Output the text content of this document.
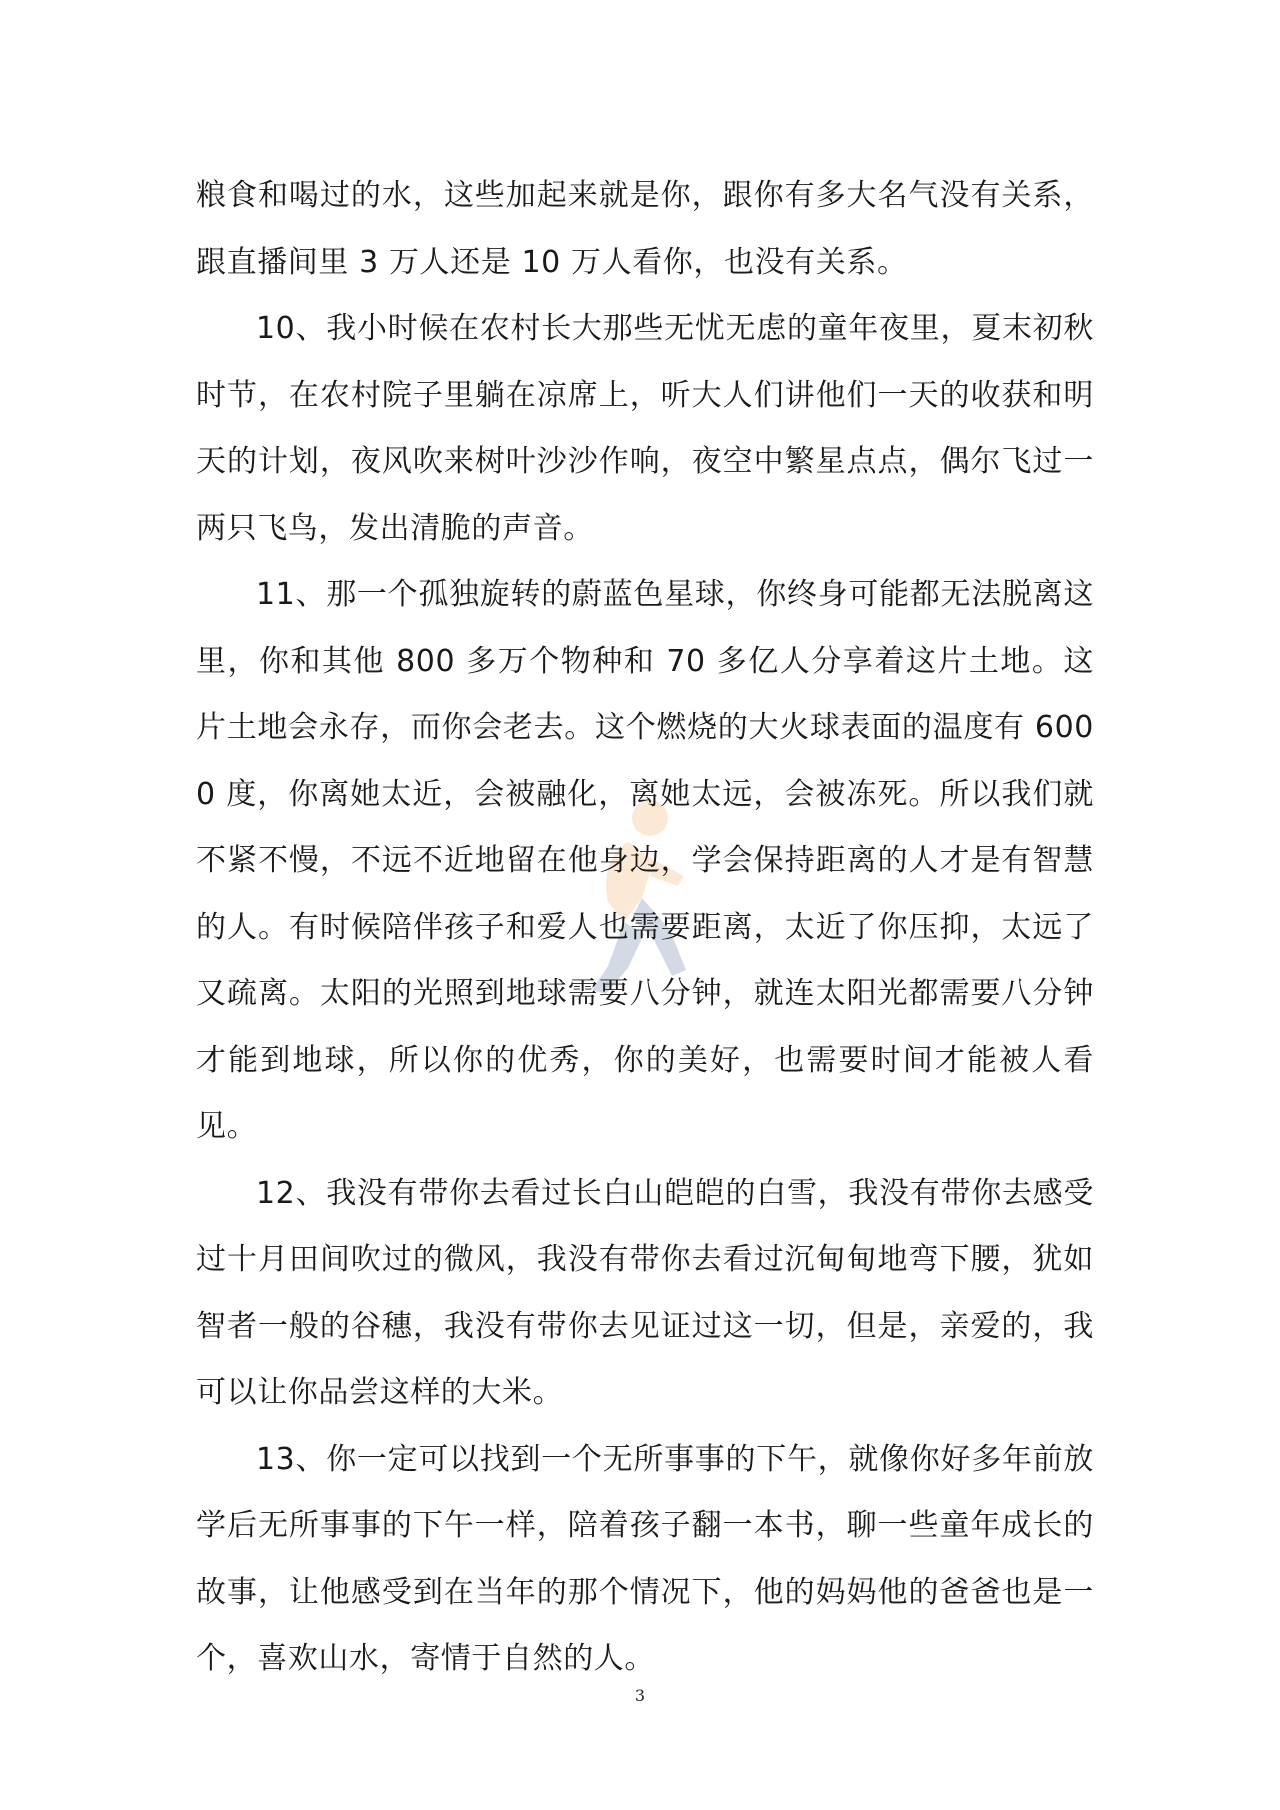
粮食和喝过的水，这些加起来就是你，跟你有多大名气没有关系，跟直播间里 3 万人还是 10 万人看你，也没有关系。

10、我小时候在农村长大那些无忧无虑的童年夜里，夏末初秋时节，在农村院子里躺在凉席上，听大人们讲他们一天的收获和明天的计划，夜风吹来树叶沙沙作响，夜空中繁星点点，偶尔飞过一两只飞鸟，发出清脆的声音。

11、那一个孤独旋转的蔚蓝色星球，你终身可能都无法脱离这里，你和其他 800 多万个物种和 70 多亿人分享着这片土地。这片土地会永存，而你会老去。这个燃烧的大火球表面的温度有 6000 度，你离她太近，会被融化，离她太远，会被冻死。所以我们就不紧不慢，不远不近地留在他身边，学会保持距离的人才是有智慧的人。有时候陪伴孩子和爱人也需要距离，太近了你压抑，太远了又疏离。太阳的光照到地球需要八分钟，就连太阳光都需要八分钟才能到地球，所以你的优秀，你的美好，也需要时间才能被人看见。

12、我没有带你去看过长白山皑皑的白雪，我没有带你去感受过十月田间吹过的微风，我没有带你去看过沉甸甸地弯下腰，犹如智者一般的谷穗，我没有带你去见证过这一切，但是，亲爱的，我可以让你品尝这样的大米。

13、你一定可以找到一个无所事事的下午，就像你好多年前放学后无所事事的下午一样，陪着孩子翻一本书，聊一些童年成长的故事，让他感受到在当年的那个情况下，他的妈妈他的爸爸也是一个，喜欢山水，寄情于自然的人。

3
